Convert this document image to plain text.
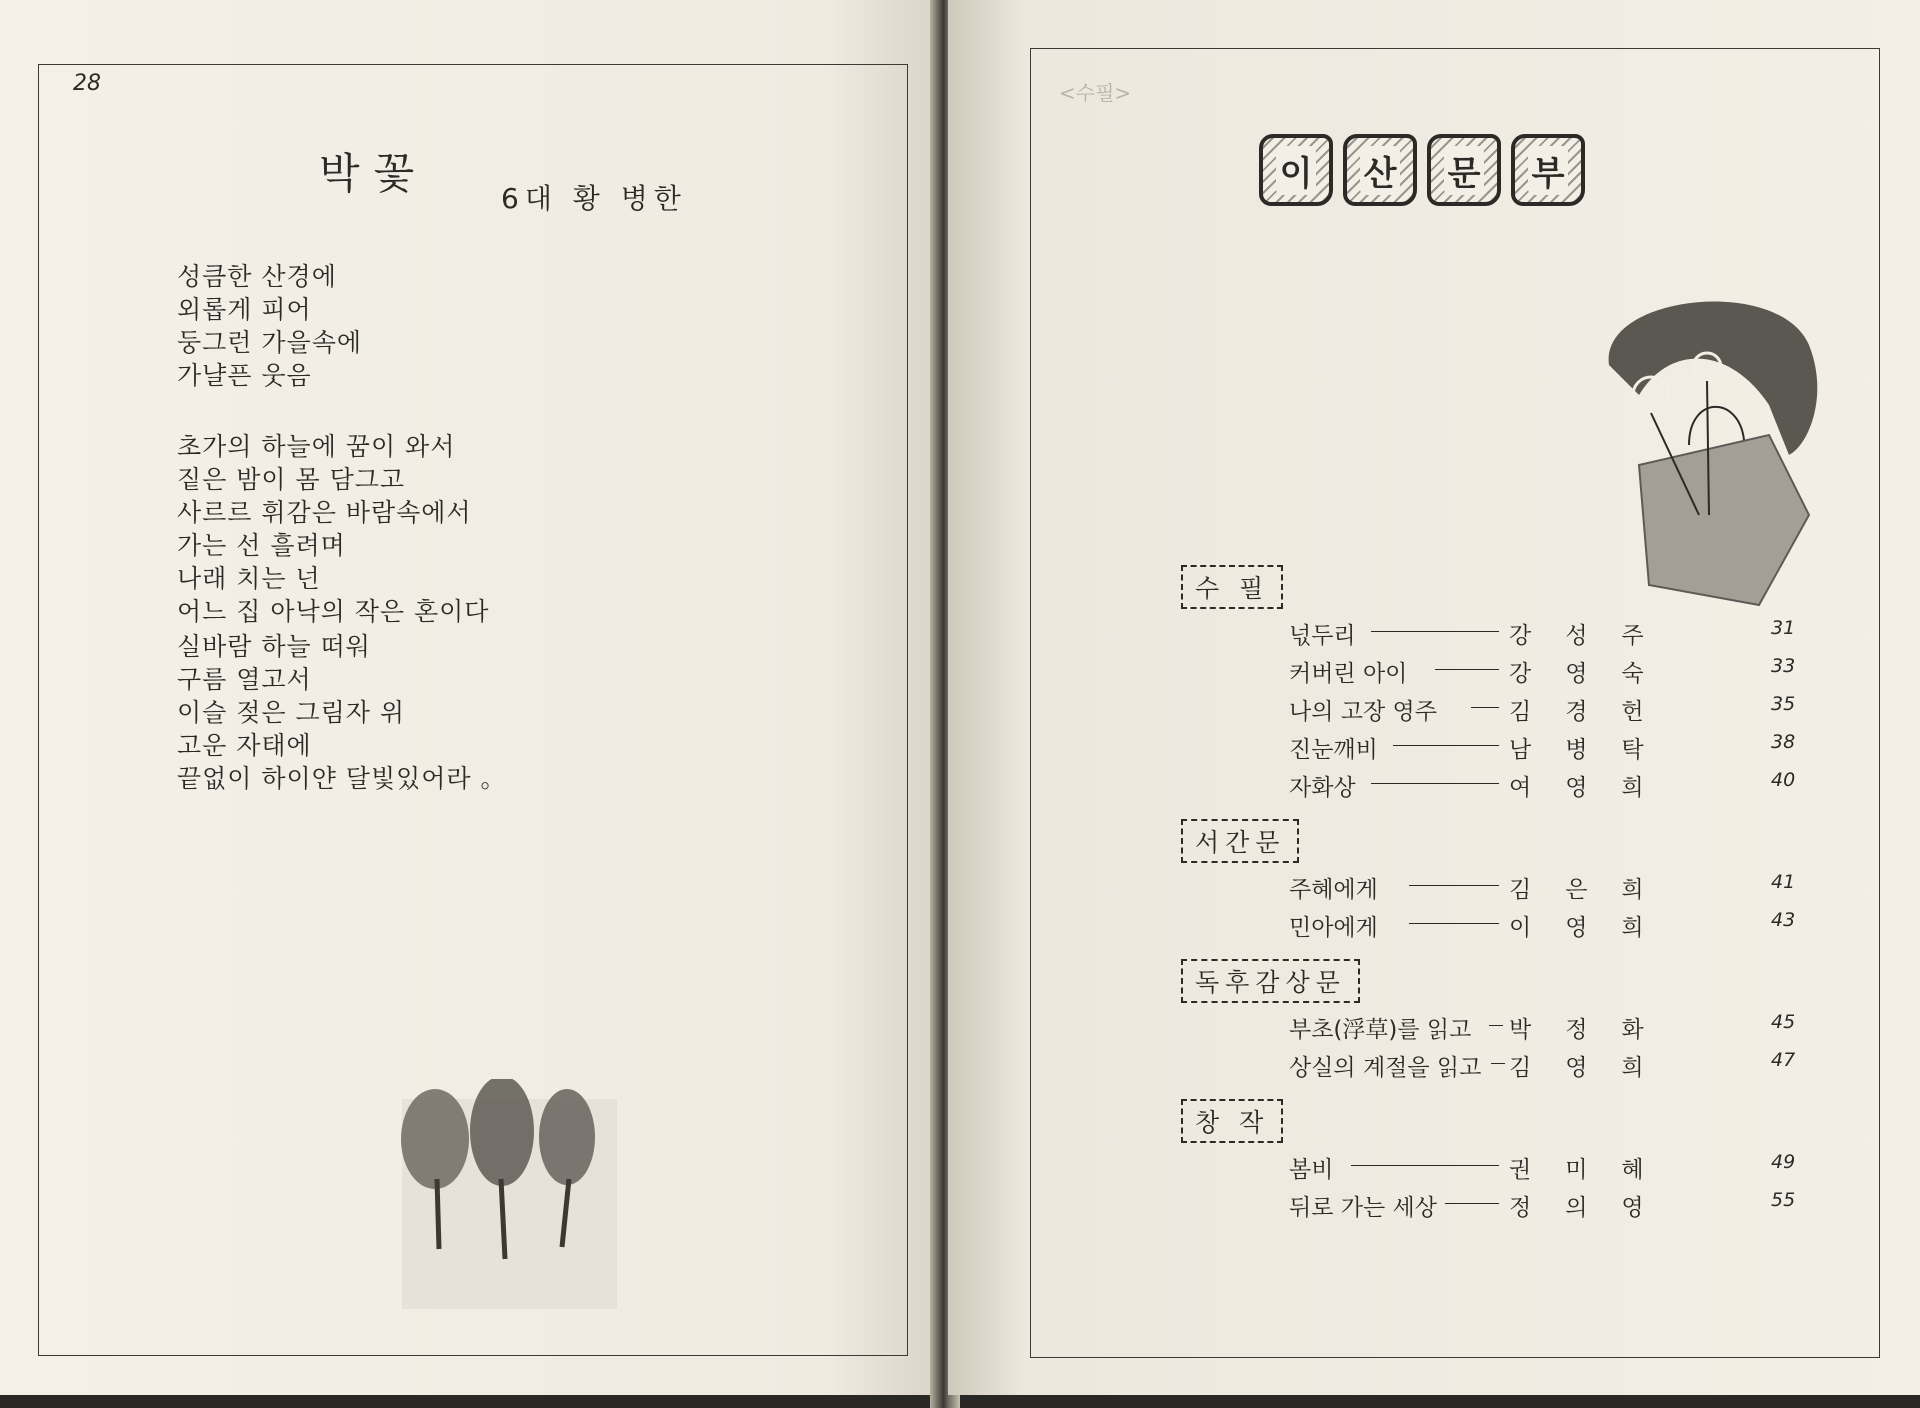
28
박꽃
6대 황 병한
성큼한 산경에
외롭게 피어
둥그런 가을속에
가냘픈 웃음
초가의 하늘에 꿈이 와서
짙은 밤이 몸 담그고
사르르 휘감은 바람속에서
가는 선 흘려며
나래 치는 넌
어느 집 아낙의 작은 혼이다
실바람 하늘 떠워
구름 열고서
이슬 젖은 그림자 위
고운 자태에
끝없이 하이얀 달빛있어라 。
<수필>
이 산 문 부
수 필
넋두리	강성주	31
커버린 아이	강영숙	33
나의 고장 영주	김경헌	35
진눈깨비	남병탁	38
자화상	여영희	40
서간문
주혜에게	김은희	41
민아에게	이영희	43
독후감상문
부초(浮草)를 읽고 박정화	45
상실의 계절을 읽고 김영희	47
창 작
봄비	권미혜	49
뒤로 가는 세상	정의영	55
